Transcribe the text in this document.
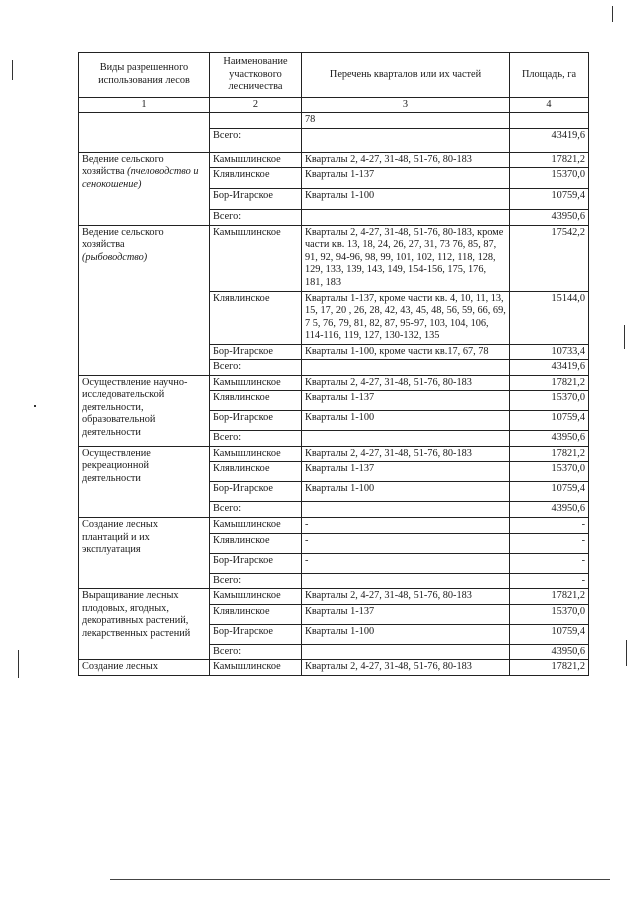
Виды разрешенного использования лесов	Наименование участкового лесничества	Перечень кварталов или их частей	Площадь, га
1	2	3	4
		78	
	Всего:		43419,6
Ведение сельского хозяйства (пчеловодство и сенокошение)	Камышлинское	Кварталы 2, 4-27, 31-48, 51-76, 80-183	17821,2
	Клявлинское	Кварталы 1-137	15370,0
	Бор-Игарское	Кварталы 1-100	10759,4
	Всего:		43950,6
Ведение сельского хозяйства
(рыбоводство)	Камышлинское	Кварталы 2, 4-27, 31-48, 51-76, 80-183, кроме части кв. 13, 18, 24, 26, 27, 31, 73 76, 85, 87, 91, 92, 94-96, 98, 99, 101, 102, 112, 118, 128, 129, 133, 139, 143, 149, 154-156, 175, 176, 181, 183	17542,2
	Клявлинское	Кварталы 1-137, кроме части кв. 4, 10, 11, 13, 15, 17, 20 , 26, 28, 42, 43, 45, 48, 56, 59, 66, 69, 7 5, 76, 79, 81, 82, 87, 95-97, 103, 104, 106, 114-116, 119, 127, 130-132, 135	15144,0
	Бор-Игарское	Кварталы 1-100, кроме части кв.17, 67, 78	10733,4
	Всего:		43419,6
Осуществление научно-исследовательской деятельности, образовательной деятельности	Камышлинское	Кварталы 2, 4-27, 31-48, 51-76, 80-183	17821,2
	Клявлинское	Кварталы 1-137	15370,0
	Бор-Игарское	Кварталы 1-100	10759,4
	Всего:		43950,6
Осуществление рекреационной деятельности	Камышлинское	Кварталы 2, 4-27, 31-48, 51-76, 80-183	17821,2
	Клявлинское	Кварталы 1-137	15370,0
	Бор-Игарское	Кварталы 1-100	10759,4
	Всего:		43950,6
Создание лесных плантаций и их эксплуатация	Камышлинское	-	-
	Клявлинское	-	-
	Бор-Игарское	-	-
	Всего:		-
Выращивание лесных плодовых, ягодных, декоративных растений, лекарственных растений	Камышлинское	Кварталы 2, 4-27, 31-48, 51-76, 80-183	17821,2
	Клявлинское	Кварталы 1-137	15370,0
	Бор-Игарское	Кварталы 1-100	10759,4
	Всего:		43950,6
Создание лесных	Камышлинское	Кварталы 2, 4-27, 31-48, 51-76, 80-183	17821,2
